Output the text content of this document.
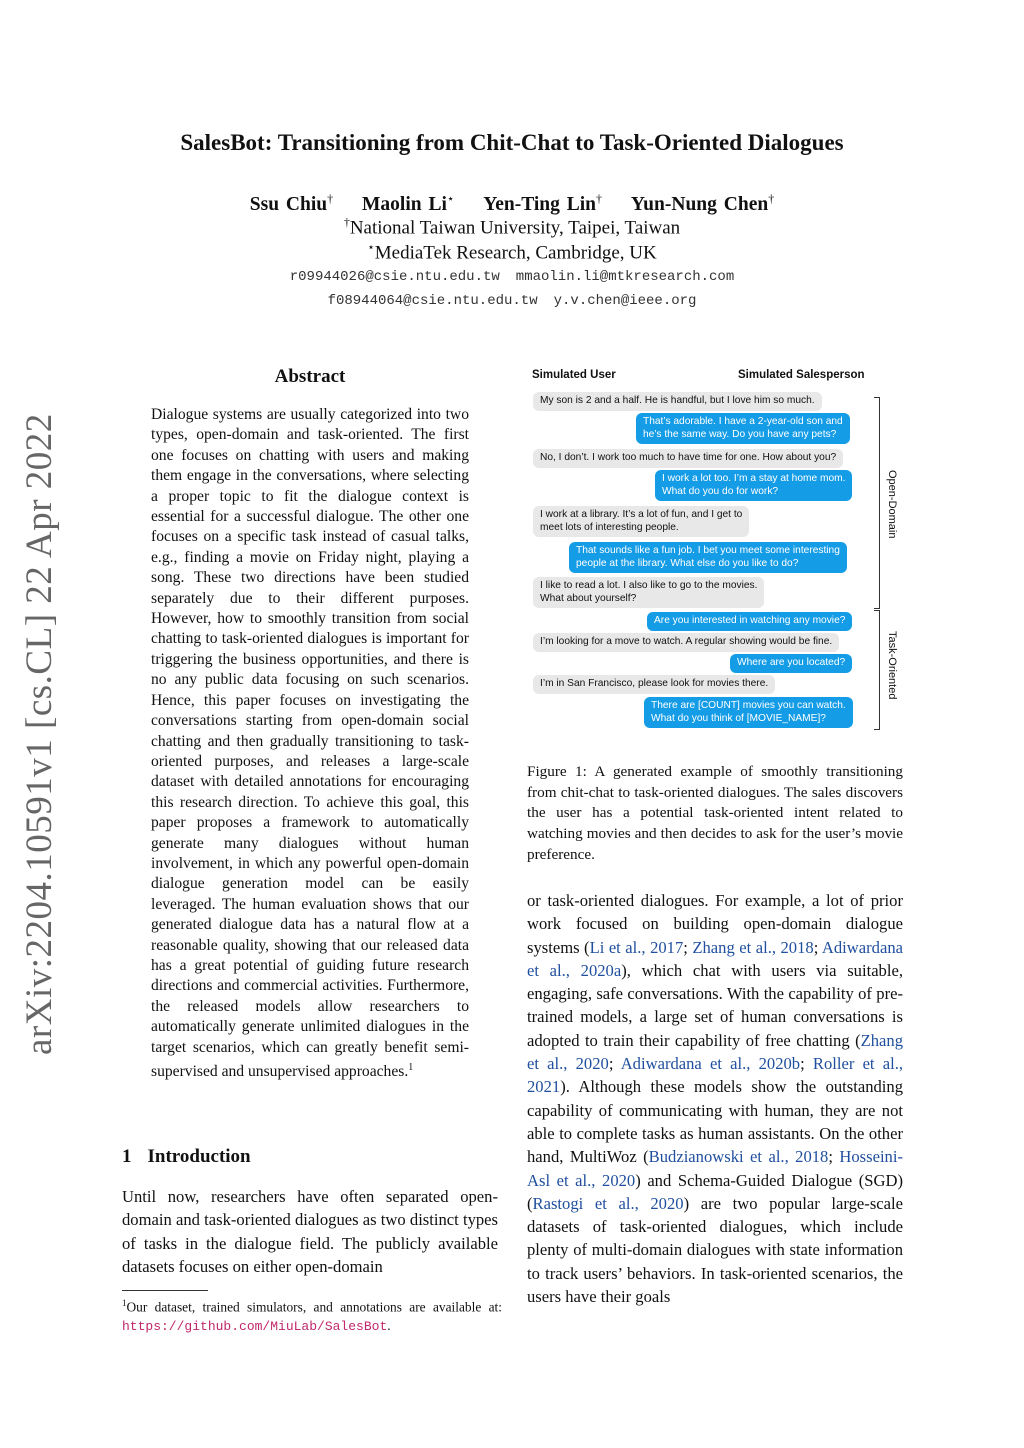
arXiv:2204.10591v1 [cs.CL] 22 Apr 2022
SalesBot: Transitioning from Chit-Chat to Task-Oriented Dialogues
Ssu Chiu† Maolin Li⋆ Yen-Ting Lin† Yun-Nung Chen†
†National Taiwan University, Taipei, Taiwan
⋆MediaTek Research, Cambridge, UK
r09944026@csie.ntu.edu.tw mmaolin.li@mtkresearch.com
f08944064@csie.ntu.edu.tw y.v.chen@ieee.org
Abstract
Dialogue systems are usually categorized into two types, open-domain and task-oriented. The first one focuses on chatting with users and making them engage in the conversations, where selecting a proper topic to fit the dialogue context is essential for a successful dialogue. The other one focuses on a specific task instead of casual talks, e.g., finding a movie on Friday night, playing a song. These two directions have been studied separately due to their different purposes. However, how to smoothly transition from social chatting to task-oriented dialogues is important for triggering the business opportunities, and there is no any public data focusing on such scenarios. Hence, this paper focuses on investigating the conversations starting from open-domain social chatting and then gradually transitioning to task-oriented purposes, and releases a large-scale dataset with detailed annotations for encouraging this research direction. To achieve this goal, this paper proposes a framework to automatically generate many dialogues without human involvement, in which any powerful open-domain dialogue generation model can be easily leveraged. The human evaluation shows that our generated dialogue data has a natural flow at a reasonable quality, showing that our released data has a great potential of guiding future research directions and commercial activities. Furthermore, the released models allow researchers to automatically generate unlimited dialogues in the target scenarios, which can greatly benefit semi-supervised and unsupervised approaches.$^1$
1 Introduction
Until now, researchers have often separated open-domain and task-oriented dialogues as two distinct types of tasks in the dialogue field. The publicly available datasets focuses on either open-domain
$^1$Our dataset, trained simulators, and annotations are available at: https://github.com/MiuLab/SalesBot.
Simulated User	Simulated Salesperson
My son is 2 and a half. He is handful, but I love him so much.
That’s adorable. I have a 2-year-old son and
he’s the same way. Do you have any pets?
No, I don’t. I work too much to have time for one. How about you?
I work a lot too. I’m a stay at home mom.
What do you do for work?
I work at a library. It’s a lot of fun, and I get to
meet lots of interesting people.
That sounds like a fun job. I bet you meet some interesting
people at the library. What else do you like to do?
I like to read a lot. I also like to go to the movies.
What about yourself?
Are you interested in watching any movie?
I’m looking for a move to watch. A regular showing would be fine.
Where are you located?
I’m in San Francisco, please look for movies there.
There are [COUNT] movies you can watch.
What do you think of [MOVIE_NAME]?
Open-Domain
Task-Oriented
Figure 1: A generated example of smoothly transitioning from chit-chat to task-oriented dialogues. The sales discovers the user has a potential task-oriented intent related to watching movies and then decides to ask for the user’s movie preference.
or task-oriented dialogues. For example, a lot of prior work focused on building open-domain dialogue systems (Li et al., 2017; Zhang et al., 2018; Adiwardana et al., 2020a), which chat with users via suitable, engaging, safe conversations. With the capability of pre-trained models, a large set of human conversations is adopted to train their capability of free chatting (Zhang et al., 2020; Adiwardana et al., 2020b; Roller et al., 2021). Although these models show the outstanding capability of communicating with human, they are not able to complete tasks as human assistants. On the other hand, MultiWoz (Budzianowski et al., 2018; Hosseini-Asl et al., 2020) and Schema-Guided Dialogue (SGD) (Rastogi et al., 2020) are two popular large-scale datasets of task-oriented dialogues, which include plenty of multi-domain dialogues with state information to track users’ behaviors. In task-oriented scenarios, the users have their goals
